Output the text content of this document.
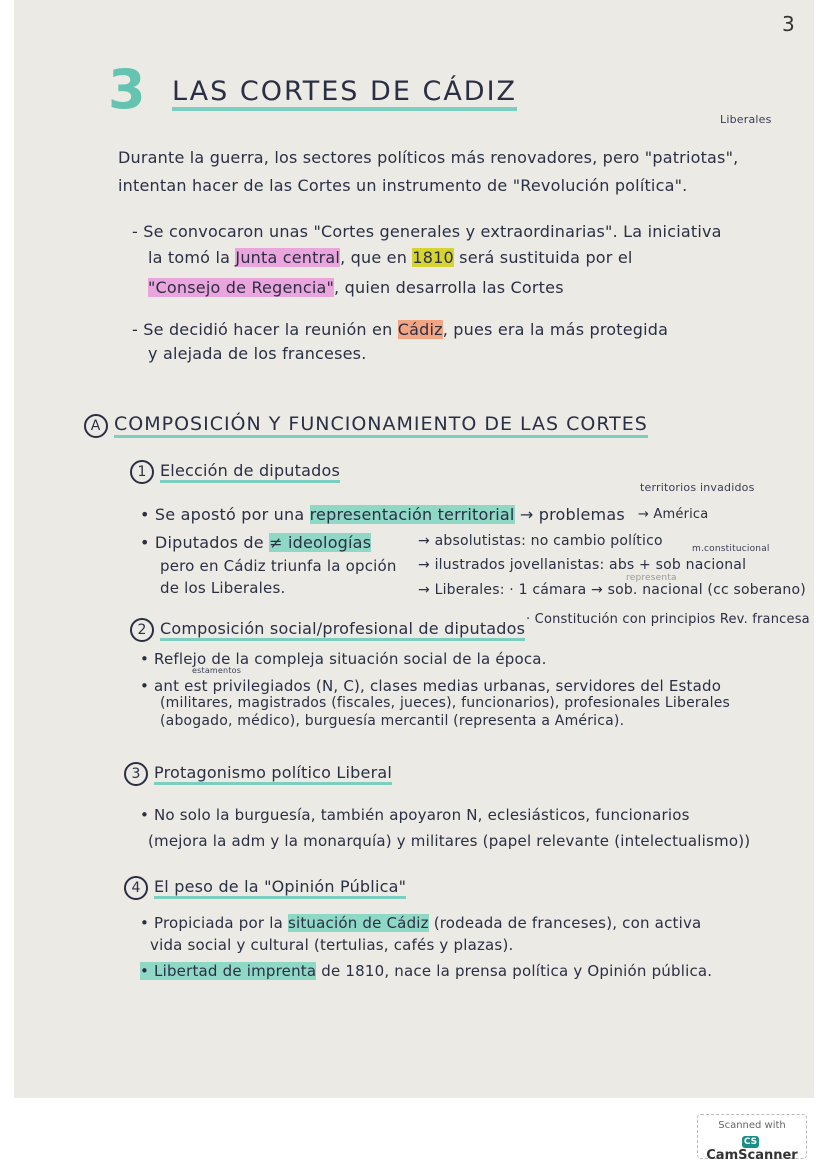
3
3 LAS CORTES DE CÁDIZ
Liberales
Durante la guerra, los sectores políticos más renovadores, pero "patriotas",
intentan hacer de las Cortes un instrumento de "Revolución política".
- Se convocaron unas "Cortes generales y extraordinarias". La iniciativa
la tomó la Junta central, que en 1810 será sustituida por el
"Consejo de Regencia", quien desarrolla las Cortes
- Se decidió hacer la reunión en Cádiz, pues era la más protegida
y alejada de los franceses.
A COMPOSICIÓN Y FUNCIONAMIENTO DE LAS CORTES
1 Elección de diputados
territorios invadidos
• Se apostó por una representación territorial → problemas → América
• Diputados de ≠ ideologías
pero en Cádiz triunfa la opción
de los Liberales.
→ absolutistas: no cambio político	m.constitucional
→ ilustrados jovellanistas: abs + sob nacional
representa
→ Liberales: · 1 cámara → sob. nacional (cc soberano)
· Constitución con principios Rev. francesa
2 Composición social/profesional de diputados
• Reflejo de la compleja situación social de la época.
estamentos
• ant est privilegiados (N, C), clases medias urbanas, servidores del Estado
(militares, magistrados (fiscales, jueces), funcionarios), profesionales Liberales
(abogado, médico), burguesía mercantil (representa a América).
3 Protagonismo político Liberal
• No solo la burguesía, también apoyaron N, eclesiásticos, funcionarios
(mejora la adm y la monarquía) y militares (papel relevante (intelectualismo))
4 El peso de la "Opinión Pública"
• Propiciada por la situación de Cádiz (rodeada de franceses), con activa
vida social y cultural (tertulias, cafés y plazas).
• Libertad de imprenta de 1810, nace la prensa política y Opinión pública.
Scanned with
CSCamScanner
